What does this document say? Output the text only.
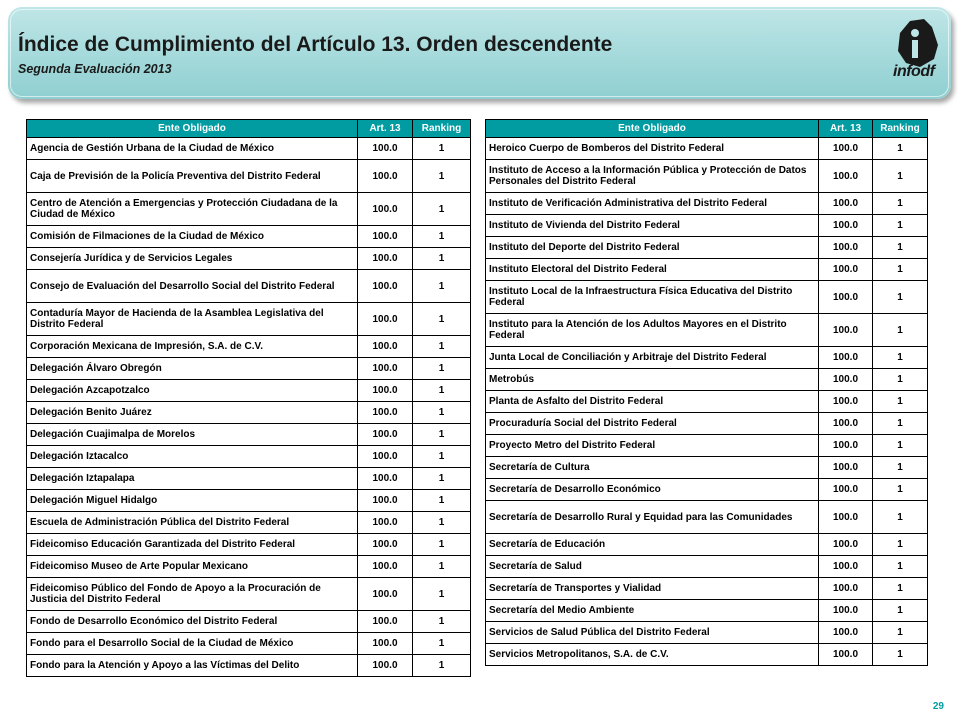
Índice de Cumplimiento del Artículo 13. Orden descendente
Segunda Evaluación 2013	infodf
Ente Obligado	Art. 13	Ranking
Agencia de Gestión Urbana de la Ciudad de México	100.0	1
Caja de Previsión de la Policía Preventiva del Distrito Federal	100.0	1
Centro de Atención a Emergencias y Protección Ciudadana de la Ciudad de México	100.0	1
Comisión de Filmaciones de la Ciudad de México	100.0	1
Consejería Jurídica y de Servicios Legales	100.0	1
Consejo de Evaluación del Desarrollo Social del Distrito Federal	100.0	1
Contaduría Mayor de Hacienda de la Asamblea Legislativa del Distrito Federal	100.0	1
Corporación Mexicana de Impresión, S.A. de C.V.	100.0	1
Delegación Álvaro Obregón	100.0	1
Delegación Azcapotzalco	100.0	1
Delegación Benito Juárez	100.0	1
Delegación Cuajimalpa de Morelos	100.0	1
Delegación Iztacalco	100.0	1
Delegación Iztapalapa	100.0	1
Delegación Miguel Hidalgo	100.0	1
Escuela de Administración Pública del Distrito Federal	100.0	1
Fideicomiso Educación Garantizada del Distrito Federal	100.0	1
Fideicomiso Museo de Arte Popular Mexicano	100.0	1
Fideicomiso Público del Fondo de Apoyo a la Procuración de Justicia del Distrito Federal	100.0	1
Fondo de Desarrollo Económico del Distrito Federal	100.0	1
Fondo para el Desarrollo Social de la Ciudad de México	100.0	1
Fondo para la Atención y Apoyo a las Víctimas del Delito	100.0	1
Ente Obligado	Art. 13	Ranking
Heroico Cuerpo de Bomberos del Distrito Federal	100.0	1
Instituto de Acceso a la Información Pública y Protección de Datos Personales del Distrito Federal	100.0	1
Instituto de Verificación Administrativa del Distrito Federal	100.0	1
Instituto de Vivienda del Distrito Federal	100.0	1
Instituto del Deporte del Distrito Federal	100.0	1
Instituto Electoral del Distrito Federal	100.0	1
Instituto Local de la Infraestructura Física Educativa del Distrito Federal	100.0	1
Instituto para la Atención de los Adultos Mayores en el Distrito Federal	100.0	1
Junta Local de Conciliación y Arbitraje del Distrito Federal	100.0	1
Metrobús	100.0	1
Planta de Asfalto del Distrito Federal	100.0	1
Procuraduría Social del Distrito Federal	100.0	1
Proyecto Metro del Distrito Federal	100.0	1
Secretaría de Cultura	100.0	1
Secretaría de Desarrollo Económico	100.0	1
Secretaría de Desarrollo Rural y Equidad para las Comunidades	100.0	1
Secretaría de Educación	100.0	1
Secretaría de Salud	100.0	1
Secretaría de Transportes y Vialidad	100.0	1
Secretaría del Medio Ambiente	100.0	1
Servicios de Salud Pública del Distrito Federal	100.0	1
Servicios Metropolitanos, S.A. de C.V.	100.0	1
29
